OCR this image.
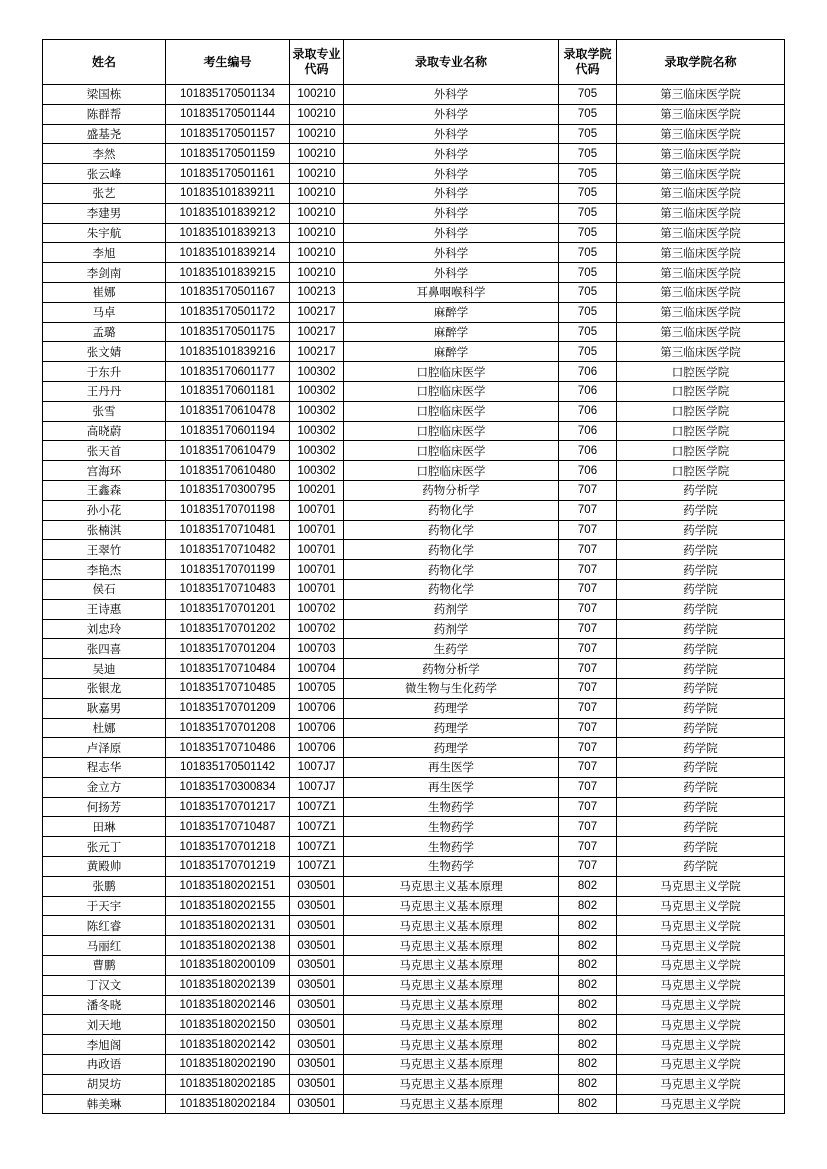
姓名	考生编号	录取专业代码	录取专业名称	录取学院代码	录取学院名称
梁国栋	101835170501134	100210	外科学	705	第三临床医学院
陈群帮	101835170501144	100210	外科学	705	第三临床医学院
盛基尧	101835170501157	100210	外科学	705	第三临床医学院
李然	101835170501159	100210	外科学	705	第三临床医学院
张云峰	101835170501161	100210	外科学	705	第三临床医学院
张艺	101835101839211	100210	外科学	705	第三临床医学院
李建男	101835101839212	100210	外科学	705	第三临床医学院
朱宇航	101835101839213	100210	外科学	705	第三临床医学院
李旭	101835101839214	100210	外科学	705	第三临床医学院
李剑南	101835101839215	100210	外科学	705	第三临床医学院
崔娜	101835170501167	100213	耳鼻咽喉科学	705	第三临床医学院
马卓	101835170501172	100217	麻醉学	705	第三临床医学院
孟璐	101835170501175	100217	麻醉学	705	第三临床医学院
张文婧	101835101839216	100217	麻醉学	705	第三临床医学院
于东升	101835170601177	100302	口腔临床医学	706	口腔医学院
王丹丹	101835170601181	100302	口腔临床医学	706	口腔医学院
张雪	101835170610478	100302	口腔临床医学	706	口腔医学院
高晓蔚	101835170601194	100302	口腔临床医学	706	口腔医学院
张天首	101835170610479	100302	口腔临床医学	706	口腔医学院
宫海环	101835170610480	100302	口腔临床医学	706	口腔医学院
王鑫森	101835170300795	100201	药物分析学	707	药学院
孙小花	101835170701198	100701	药物化学	707	药学院
张楠淇	101835170710481	100701	药物化学	707	药学院
王翠竹	101835170710482	100701	药物化学	707	药学院
李艳杰	101835170701199	100701	药物化学	707	药学院
侯石	101835170710483	100701	药物化学	707	药学院
王诗惠	101835170701201	100702	药剂学	707	药学院
刘忠玲	101835170701202	100702	药剂学	707	药学院
张四喜	101835170701204	100703	生药学	707	药学院
吴迪	101835170710484	100704	药物分析学	707	药学院
张银龙	101835170710485	100705	微生物与生化药学	707	药学院
耿嘉男	101835170701209	100706	药理学	707	药学院
杜娜	101835170701208	100706	药理学	707	药学院
卢泽原	101835170710486	100706	药理学	707	药学院
程志华	101835170501142	1007J7	再生医学	707	药学院
金立方	101835170300834	1007J7	再生医学	707	药学院
何扬芳	101835170701217	1007Z1	生物药学	707	药学院
田琳	101835170710487	1007Z1	生物药学	707	药学院
张元丁	101835170701218	1007Z1	生物药学	707	药学院
黄殿帅	101835170701219	1007Z1	生物药学	707	药学院
张鹏	101835180202151	030501	马克思主义基本原理	802	马克思主义学院
于天宇	101835180202155	030501	马克思主义基本原理	802	马克思主义学院
陈红睿	101835180202131	030501	马克思主义基本原理	802	马克思主义学院
马丽红	101835180202138	030501	马克思主义基本原理	802	马克思主义学院
曹鹏	101835180200109	030501	马克思主义基本原理	802	马克思主义学院
丁汉文	101835180202139	030501	马克思主义基本原理	802	马克思主义学院
潘冬晓	101835180202146	030501	马克思主义基本原理	802	马克思主义学院
刘天地	101835180202150	030501	马克思主义基本原理	802	马克思主义学院
李旭阁	101835180202142	030501	马克思主义基本原理	802	马克思主义学院
冉政语	101835180202190	030501	马克思主义基本原理	802	马克思主义学院
胡炅坊	101835180202185	030501	马克思主义基本原理	802	马克思主义学院
韩美琳	101835180202184	030501	马克思主义基本原理	802	马克思主义学院
